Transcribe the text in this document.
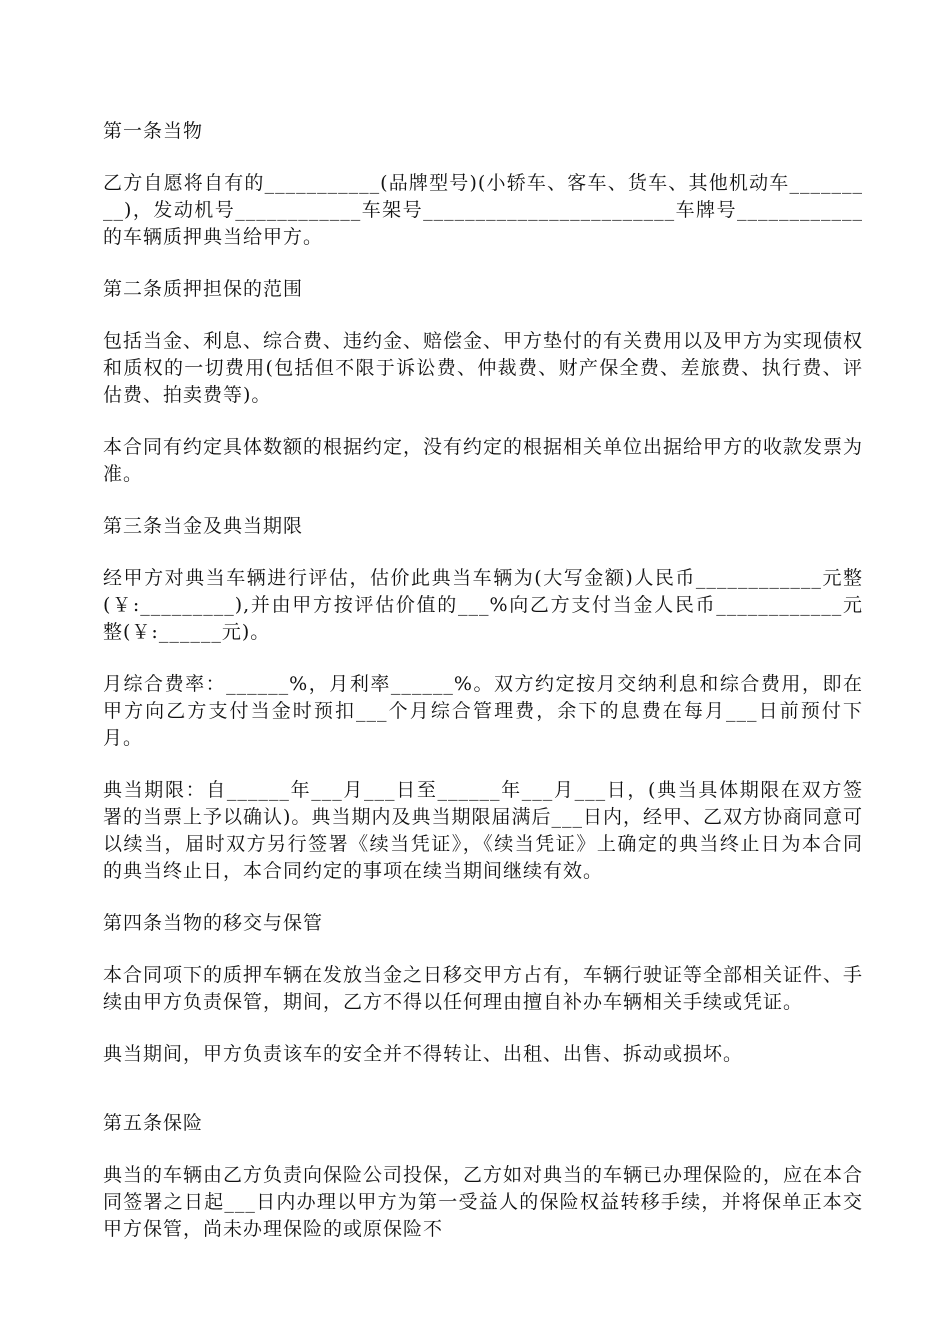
第一条当物

乙方自愿将自有的___________(品牌型号)(小轿车、客车、货车、其他机动车_________)，发动机号____________车架号________________________车牌号____________的车辆质押典当给甲方。

第二条质押担保的范围

包括当金、利息、综合费、违约金、赔偿金、甲方垫付的有关费用以及甲方为实现债权和质权的一切费用(包括但不限于诉讼费、仲裁费、财产保全费、差旅费、执行费、评估费、拍卖费等)。

本合同有约定具体数额的根据约定，没有约定的根据相关单位出据给甲方的收款发票为准。

第三条当金及典当期限

经甲方对典当车辆进行评估，估价此典当车辆为(大写金额)人民币____________元整(￥:_________),并由甲方按评估价值的___%向乙方支付当金人民币____________元整(￥:______元)。

月综合费率：______%，月利率______%。双方约定按月交纳利息和综合费用，即在甲方向乙方支付当金时预扣___个月综合管理费，余下的息费在每月___日前预付下月。

典当期限：自______年___月___日至______年___月___日，(典当具体期限在双方签署的当票上予以确认)。典当期内及典当期限届满后___日内，经甲、乙双方协商同意可以续当，届时双方另行签署《续当凭证》，《续当凭证》上确定的典当终止日为本合同的典当终止日，本合同约定的事项在续当期间继续有效。

第四条当物的移交与保管

本合同项下的质押车辆在发放当金之日移交甲方占有，车辆行驶证等全部相关证件、手续由甲方负责保管，期间，乙方不得以任何理由擅自补办车辆相关手续或凭证。

典当期间，甲方负责该车的安全并不得转让、出租、出售、拆动或损坏。

第五条保险

典当的车辆由乙方负责向保险公司投保，乙方如对典当的车辆已办理保险的，应在本合同签署之日起___日内办理以甲方为第一受益人的保险权益转移手续，并将保单正本交甲方保管，尚未办理保险的或原保险不
